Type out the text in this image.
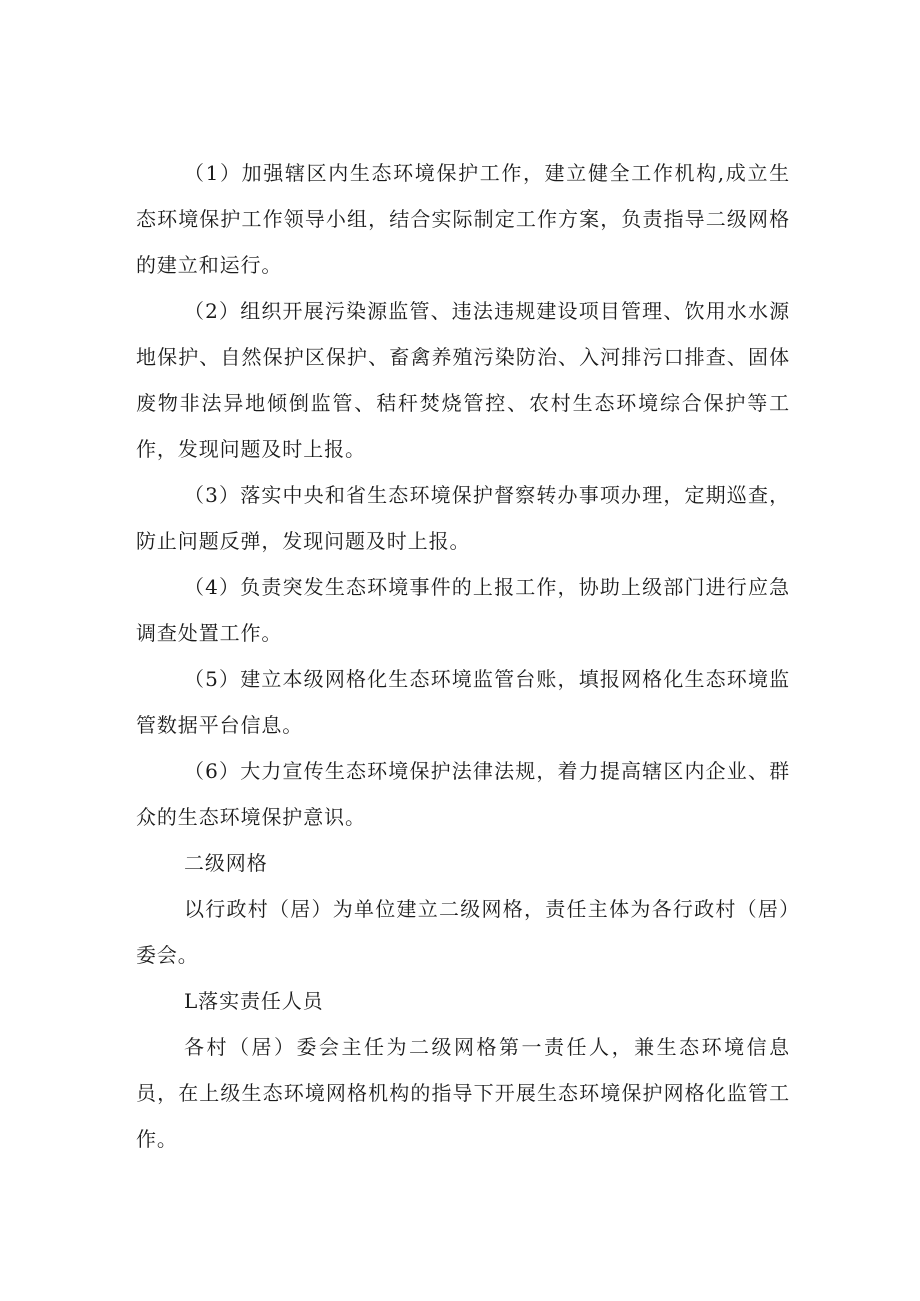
（1）加强辖区内生态环境保护工作，建立健全工作机构,成立生态环境保护工作领导小组，结合实际制定工作方案，负责指导二级网格的建立和运行。

（2）组织开展污染源监管、违法违规建设项目管理、饮用水水源地保护、自然保护区保护、畜禽养殖污染防治、入河排污口排查、固体废物非法异地倾倒监管、秸秆焚烧管控、农村生态环境综合保护等工作，发现问题及时上报。

（3）落实中央和省生态环境保护督察转办事项办理，定期巡查，防止问题反弹，发现问题及时上报。

（4）负责突发生态环境事件的上报工作，协助上级部门进行应急调查处置工作。

（5）建立本级网格化生态环境监管台账，填报网格化生态环境监管数据平台信息。

（6）大力宣传生态环境保护法律法规，着力提高辖区内企业、群众的生态环境保护意识。

二级网格

以行政村（居）为单位建立二级网格，责任主体为各行政村（居）委会。

L落实责任人员

各村（居）委会主任为二级网格第一责任人，兼生态环境信息员，在上级生态环境网格机构的指导下开展生态环境保护网格化监管工作。
